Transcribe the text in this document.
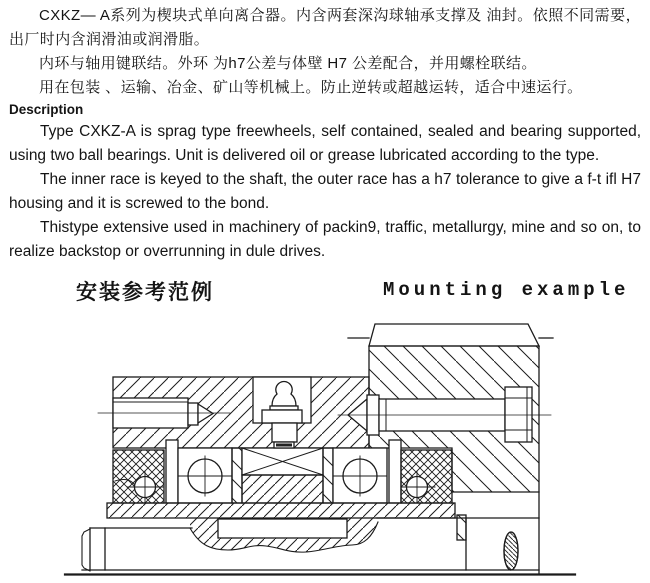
CXKZ— A系列为楔块式单向离合器。内含两套深沟球轴承支撑及 油封。依照不同需要，出厂时内含润滑油或润滑脂。

内环与轴用键联结。外环 为h7公差与体壁 H7 公差配合，并用螺栓联结。

用在包装 、运输、冶金、矿山等机械上。防止逆转或超越运转，适合中速运行。

Description

Type CXKZ-A is sprag type freewheels, self contained, sealed and bearing supported, using two ball bearings. Unit is delivered oil or grease lubricated according to the type.

The inner race is keyed to the shaft, the outer race has a h7 tolerance to give a f-t ifl H7 housing and it is screwed to the bond.

Thistype extensive used in machinery of packin9, traffic, metallurgy, mine and so on, to realize backstop or overrunning in dule drives.

安装参考范例	Mounting example
